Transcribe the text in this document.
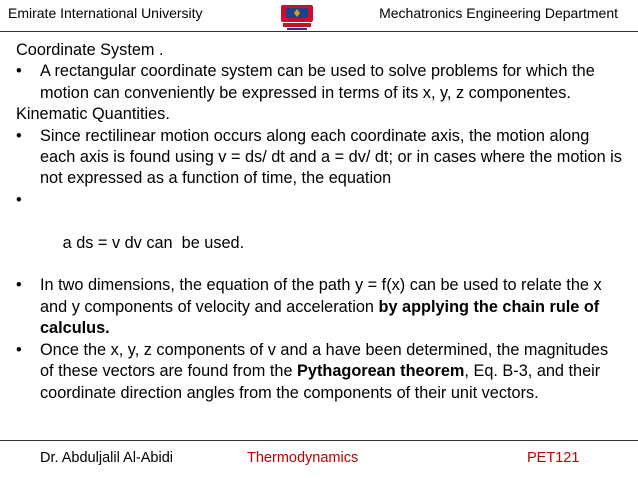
Emirate International University	Mechatronics Engineering Department

Coordinate System .

• A rectangular coordinate system can be used to solve problems for which the motion can conveniently be expressed in terms of its x, y, z componentes.

Kinematic Quantities.

• Since rectilinear motion occurs along each coordinate axis, the motion along each axis is found using v = ds/ dt and a = dv/ dt; or in cases where the motion is not expressed as a function of time, the equation

•

a ds = v dv can  be used.

• In two dimensions, the equation of the path y = f(x) can be used to relate the x and y components of velocity and acceleration by applying the chain rule of calculus.

• Once the x, y, z components of v and a have been determined, the magnitudes of these vectors are found from the Pythagorean theorem, Eq. B-3, and their coordinate direction angles from the components of their unit vectors.

Dr. Abduljalil Al-Abidi	Thermodynamics	PET121
